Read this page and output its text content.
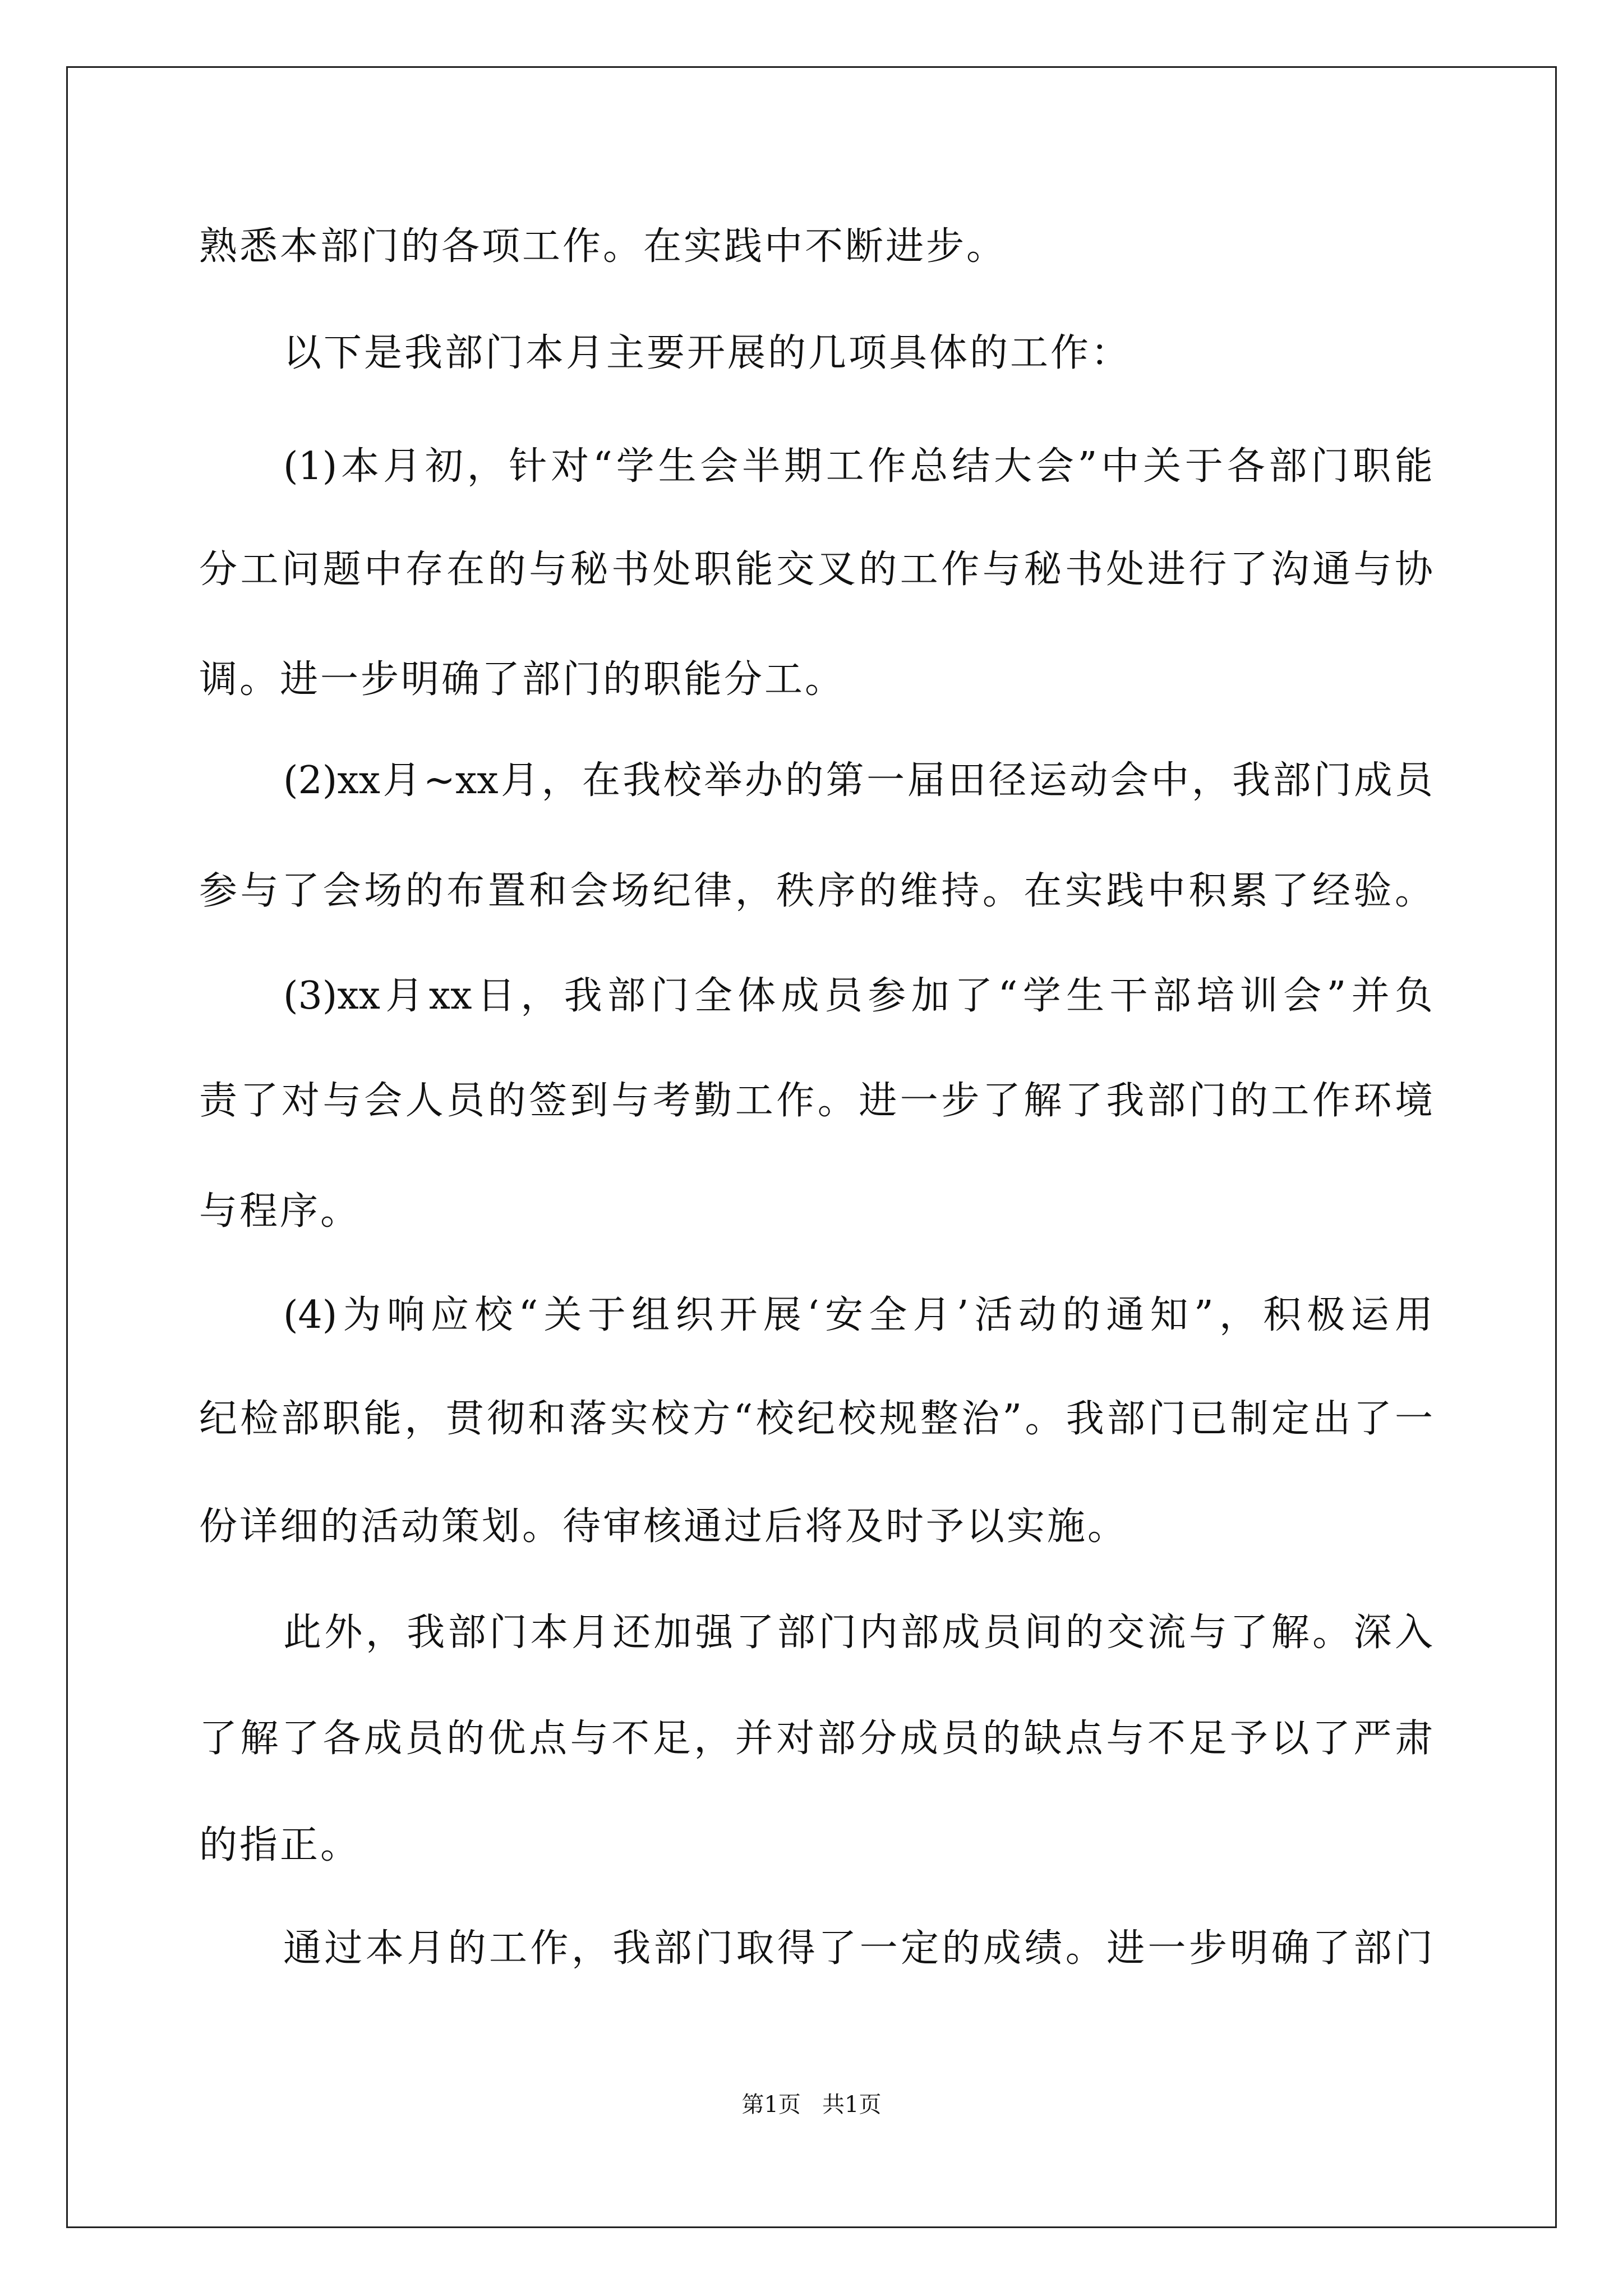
熟悉本部门的各项工作。在实践中不断进步。
以下是我部门本月主要开展的几项具体的工作：
(1)本月初，针对“学生会半期工作总结大会”中关于各部门职能
分工问题中存在的与秘书处职能交叉的工作与秘书处进行了沟通与协
调。进一步明确了部门的职能分工。
(2)xx月~xx月，在我校举办的第一届田径运动会中，我部门成员
参与了会场的布置和会场纪律，秩序的维持。在实践中积累了经验。
(3)xx月xx日，我部门全体成员参加了“学生干部培训会”并负
责了对与会人员的签到与考勤工作。进一步了解了我部门的工作环境
与程序。
(4)为响应校“关于组织开展‘安全月’活动的通知”，积极运用
纪检部职能，贯彻和落实校方“校纪校规整治”。我部门已制定出了一
份详细的活动策划。待审核通过后将及时予以实施。
此外，我部门本月还加强了部门内部成员间的交流与了解。深入
了解了各成员的优点与不足，并对部分成员的缺点与不足予以了严肃
的指正。
通过本月的工作，我部门取得了一定的成绩。进一步明确了部门
第1页   共1页
